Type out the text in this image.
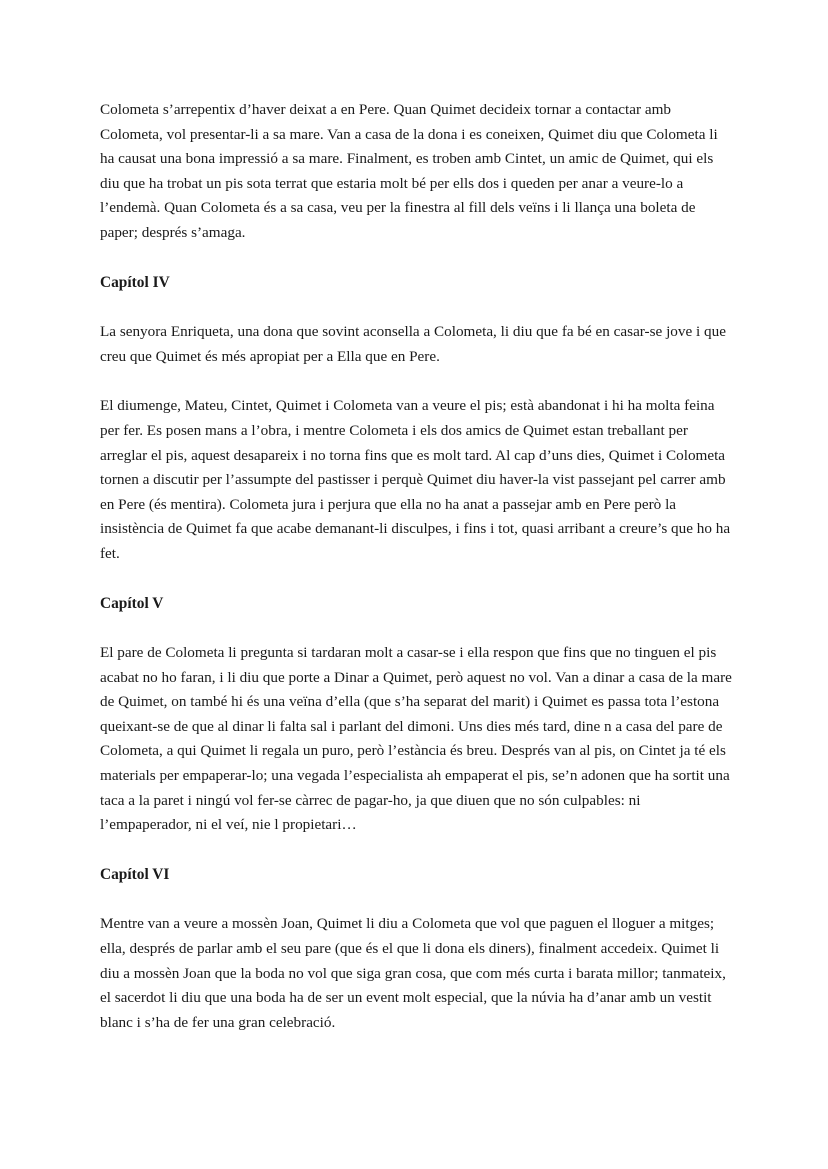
Colometa s’arrepentix d’haver deixat a en Pere. Quan Quimet decideix tornar a contactar amb Colometa, vol presentar-li a sa mare. Van a casa de la dona i es coneixen, Quimet diu que Colometa li ha causat una bona impressió a sa mare. Finalment, es troben amb Cintet, un amic de Quimet, qui els diu que ha trobat un pis sota terrat que estaria molt bé per ells dos i queden per anar a veure-lo a l’endemà. Quan Colometa és a sa casa, veu per la finestra al fill dels veïns i li llança una boleta de paper; després s’amaga.

Capítol IV

La senyora Enriqueta, una dona que sovint aconsella a Colometa, li diu que fa bé en casar-se jove i que creu que Quimet és més apropiat per a Ella que en Pere.

El diumenge, Mateu, Cintet, Quimet i Colometa van a veure el pis; està abandonat i hi ha molta feina per fer. Es posen mans a l’obra, i mentre Colometa i els dos amics de Quimet estan treballant per arreglar el pis, aquest desapareix i no torna fins que es molt tard. Al cap d’uns dies, Quimet i Colometa tornen a discutir per l’assumpte del pastisser i perquè Quimet diu haver-la vist passejant pel carrer amb en Pere (és mentira). Colometa jura i perjura que ella no ha anat a passejar amb en Pere però la insistència de Quimet fa que acabe demanant-li disculpes, i fins i tot, quasi arribant a creure’s que ho ha fet.

Capítol V

El pare de Colometa li pregunta si tardaran molt a casar-se i ella respon que fins que no tinguen el pis acabat no ho faran, i li diu que porte a Dinar a Quimet, però aquest no vol. Van a dinar a casa de la mare de Quimet, on també hi és una veïna d’ella (que s’ha separat del marit) i Quimet es passa tota l’estona queixant-se de que al dinar li falta sal i parlant del dimoni. Uns dies més tard, dine n a casa del pare de Colometa, a qui Quimet li regala un puro, però l’estància és breu. Després van al pis, on Cintet ja té els materials per empaperar-lo; una vegada l’especialista ah empaperat el pis, se’n adonen que ha sortit una taca a la paret i ningú vol fer-se càrrec de pagar-ho, ja que diuen que no són culpables: ni l’empaperador, ni el veí, nie l propietari…

Capítol VI

Mentre van a veure a mossèn Joan, Quimet li diu a Colometa que vol que paguen el lloguer a mitges; ella, després de parlar amb el seu pare (que és el que li dona els diners), finalment accedeix. Quimet li diu a mossèn Joan que la boda no vol que siga gran cosa, que com més curta i barata millor; tanmateix, el sacerdot li diu que una boda ha de ser un event molt especial, que la núvia ha d’anar amb un vestit blanc i s’ha de fer una gran celebració.
